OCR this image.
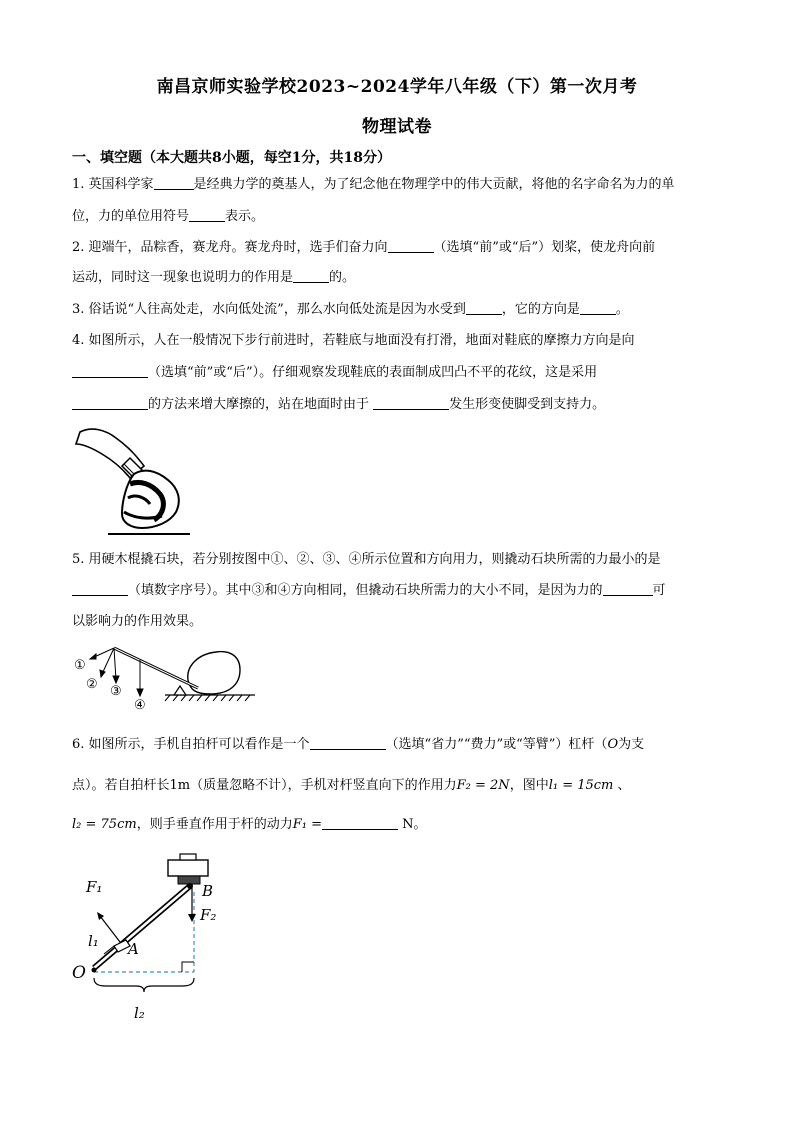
南昌京师实验学校2023~2024学年八年级（下）第一次月考
物理试卷
一、填空题（本大题共8小题，每空1分，共18分）
1. 英国科学家	是经典力学的奠基人，为了纪念他在物理学中的伟大贡献，将他的名字命名为力的单
位，力的单位用符号	表示。
2. 迎端午，品粽香，赛龙舟。赛龙舟时，选手们奋力向	（选填“前”或“后”）划桨，使龙舟向前
运动，同时这一现象也说明力的作用是	的。
3. 俗话说“人往高处走，水向低处流”，那么水向低处流是因为水受到	，它的方向是	。
4. 如图所示，人在一般情况下步行前进时，若鞋底与地面没有打滑，地面对鞋底的摩擦力方向是向
（选填“前”或“后”）。仔细观察发现鞋底的表面制成凹凸不平的花纹，这是采用
的方法来增大摩擦的，站在地面时由于	发生形变使脚受到支持力。
5. 用硬木棍撬石块，若分别按图中①、②、③、④所示位置和方向用力，则撬动石块所需的力最小的是
（填数字序号）。其中③和④方向相同，但撬动石块所需力的大小不同，是因为力的	可
以影响力的作用效果。
①
② ③
④
6. 如图所示，手机自拍杆可以看作是一个	（选填“省力”“费力”或“等臂”）杠杆（O为支
点）。若自拍杆长1m（质量忽略不计），手机对杆竖直向下的作用力F₂ = 2N，图中l₁ = 15cm 、
l₂ = 75cm，则手垂直作用于杆的动力F₁ =	N。
F₁
F₂
l₁ A
B
O
l₂
